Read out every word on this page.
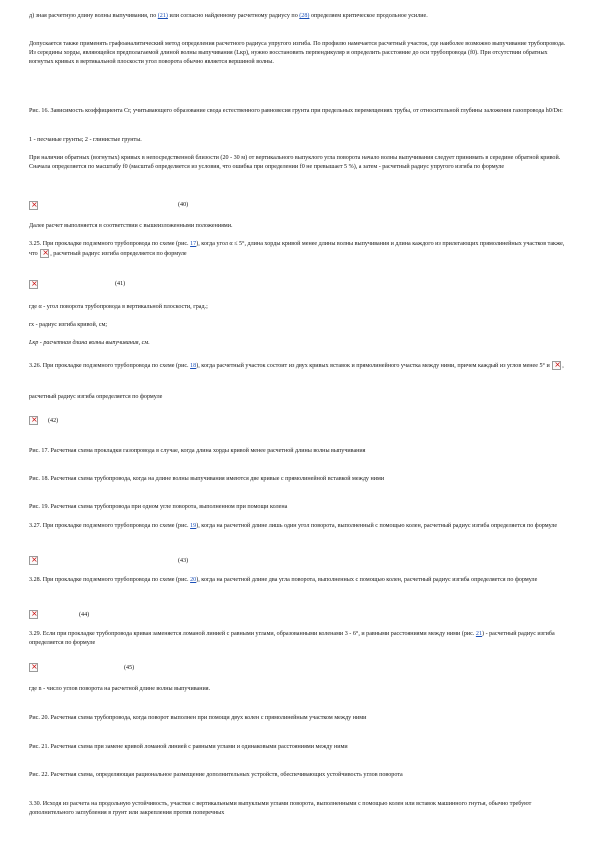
д) зная расчетную длину волны выпучивания, по (21) или согласно найденному расчетному радиусу по (28) определяем критическое продольное усилие.

Допускается также применять графоаналитический метод определения расчетного радиуса упругого изгиба. По профилю намечается расчетный участок, где наиболее возможно выпучивание трубопровода. Из середины хорды, являющейся предполагаемой длиной волны выпучивания (Lкр), нужно восстановить перпендикуляр и определить расстояние до оси трубопровода (f0). При отсутствии обратных вогнутых кривых в вертикальной плоскости угол поворота обычно является вершиной волны.

Рис. 16. Зависимость коэффициента Сг, учитывающего образование свода естественного равновесия грунта при предельных перемещениях трубы, от относительной глубины заложения газопровода h0/Dн:

1 - песчаные грунты; 2 - глинистые грунты.

При наличии обратных (вогнутых) кривых в непосредственной близости (20 - 30 м) от вертикального выпуклого угла поворота начало волны выпучивания следует принимать в середине обратной кривой. Сначала определяется по масштабу f0 (масштаб определяется из условия, что ошибка при определении f0 не превышает 5 %), а затем - расчетный радиус упругого изгиба по формуле

×
(40)

Далее расчет выполняется в соответствии с вышеизложенными положениями.

3.25. При прокладке подземного трубопровода по схеме (рис. 17), когда угол α ≤ 5°, длина хорды кривой менее длины волны выпучивания и длина каждого из прилегающих прямолинейных участков также, что × , расчетный радиус изгиба определяется по формуле

×
(41)

где α - угол поворота трубопровода в вертикальной плоскости, град.;

rх - радиус изгиба кривой, см;

Lкр - расчетная длина волны выпучивания, см.

3.26. При прокладке подземного трубопровода по схеме (рис. 18), когда расчетный участок состоит из двух кривых вставок и прямолинейного участка между ними, причем каждый из углов менее 5° и × ,

расчетный радиус изгиба определяется по формуле

×
(42)

Рис. 17. Расчетная схема прокладки газопровода в случае, когда длина хорды кривой менее расчетной длины волны выпучивания

Рис. 18. Расчетная схема трубопровода, когда на длине волны выпучивания имеются две кривые с прямолинейной вставкой между ними

Рис. 19. Расчетная схема трубопровода при одном угле поворота, выполненном при помощи колена

3.27. При прокладке подземного трубопровода по схеме (рис. 19), когда на расчетной длине лишь один угол поворота, выполненный с помощью колен, расчетный радиус изгиба определяется по формуле

×
(43)

3.28. При прокладке подземного трубопровода по схеме (рис. 20), когда на расчетной длине два угла поворота, выполненных с помощью колен, расчетный радиус изгиба определяется по формуле

×
(44)

3.29. Если при прокладке трубопровода кривая заменяется ломаной линией с равными углами, образованными коленами 3 - 6°, и равными расстояниями между ними (рис. 21) - расчетный радиус изгиба определяется по формуле

×
(45)

где n - число углов поворота на расчетной длине волны выпучивания.

Рис. 20. Расчетная схема трубопровода, когда поворот выполнен при помощи двух колен с прямолинейным участком между ними

Рис. 21. Расчетная схема при замене кривой ломаной линией с равными углами и одинаковыми расстояниями между ними

Рис. 22. Расчетная схема, определяющая рациональное размещение дополнительных устройств, обеспечивающих устойчивость углов поворота

3.30. Исходя из расчета на продольную устойчивость, участки с вертикальными выпуклыми углами поворота, выполненными с помощью колен или вставок машинного гнутья, обычно требуют дополнительного заглубления в грунт или закрепления против поперечных
